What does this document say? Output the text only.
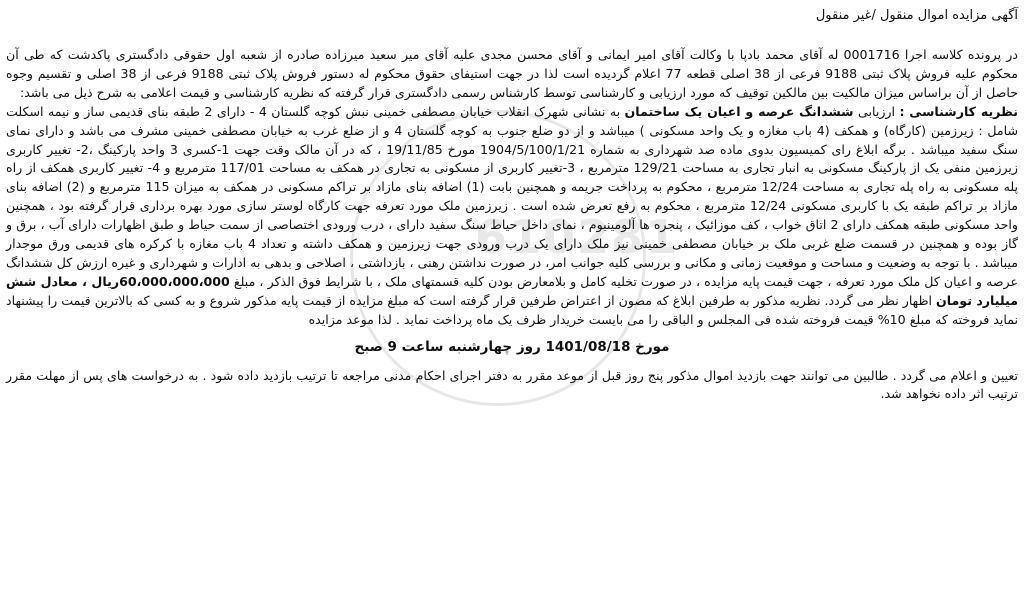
610281
آگهی مزایده اموال منقول /غیر منقول

در پرونده کلاسه اجرا 0001716 له آقای محمد بادپا با وکالت آقای امیر ایمانی و آقای محسن مجدی علیه آقای میر سعید میرزاده صادره از شعبه اول حقوقی دادگستری پاکدشت که طی آن محکوم علیه فروش پلاک ثبتی 9188 فرعی از 38 اصلی قطعه 77 اعلام گردیده است لذا در جهت استیفای حقوق محکوم له دستور فروش پلاک ثبتی 9188 فرعی از 38 اصلی و تقسیم وجوه حاصل از آن براساس میزان مالکیت بین مالکین توقیف که مورد ارزیابی و کارشناسی توسط کارشناس رسمی دادگستری قرار گرفته که نظریه کارشناسی و قیمت اعلامی به شرح ذیل می باشد:

نظریه کارشناسی : ارزیابی ششدانگ عرصه و اعیان یک ساختمان به نشانی شهرک انقلاب خیابان مصطفی خمینی نبش کوچه گلستان 4 - دارای 2 طبقه بنای قدیمی ساز و نیمه اسکلت شامل : زیرزمین (کارگاه) و همکف (4 باب مغازه و یک واحد مسکونی ) میباشد و از دو ضلع جنوب به کوچه گلستان 4 و از ضلع غرب به خیابان مصطفی خمینی مشرف می باشد و دارای نمای سنگ سفید میباشد . برگه ابلاغ رای کمیسیون بدوی ماده صد شهرداری به شماره 1904/5/100/1/21 مورخ 19/11/85 ، که در آن مالک وقت جهت 1-کسری 3 واحد پارکینگ ،2- تغییر کاربری زیرزمین منفی یک از پارکینگ مسکونی به انبار تجاری به مساحت 129/21 مترمربع ، 3-تغییر کاربری از مسکونی به تجاری در همکف به مساحت 117/01 مترمربع و 4- تغییر کاربری همکف از راه پله مسکونی به راه پله تجاری به مساحت 12/24 مترمربع ، محکوم به پرداخت جریمه و همچنین بابت (1) اضافه بنای مازاد بر تراکم مسکونی در همکف به میزان 115 مترمربع و (2) اضافه بنای مازاد بر تراکم طبقه یک با کاربری مسکونی 12/24 مترمربع ، محکوم به رفع تعرض شده است . زیرزمین ملک مورد تعرفه جهت کارگاه لوستر سازی مورد بهره برداری قرار گرفته بود ، همچنین واحد مسکونی طبقه همکف دارای 2 اتاق خواب ، کف موزائیک ، پنجره ها آلومینیوم ، نمای داخل حیاط سنگ سفید دارای ، درب ورودی اختصاصی از سمت حیاط و طبق اظهارات دارای آب ، برق و گاز بوده و همچنین در قسمت ضلع غربی ملک بر خیابان مصطفی خمینی نیز ملک دارای یک درب ورودی جهت زیرزمین و همکف داشته و تعداد 4 باب مغازه با کرکره های قدیمی ورق موجدار میباشد . با توجه به وضعیت و مساحت و موقعیت زمانی و مکانی و بررسی کلیه جوانب امر، در صورت نداشتن رهنی ، بازداشتی ، اصلاحی و بدهی به ادارات و شهرداری و غیره ارزش کل ششدانگ عرصه و اعیان کل ملک مورد تعرفه ، جهت قیمت پایه مزایده ، در صورت تخلیه کامل و بلامعارض بودن کلیه قسمتهای ملک ، با شرایط فوق الذکر ، مبلغ 60،000،000،000ریال ، معادل شش میلیارد تومان اظهار نظر می گردد. نظریه مذکور به طرفین ابلاغ که مصون از اعتراض طرفین قرار گرفته است که مبلغ مزایده از قیمت پایه مذکور شروع و به کسی که بالاترین قیمت را پیشنهاد نماید فروخته که مبلغ 10% قیمت فروخته شده فی المجلس و الباقی را می بایست خریدار ظرف یک ماه پرداخت نماید . لذا موعد مزایده

مورخ 1401/08/18 روز چهارشنبه ساعت 9 صبح

تعیین و اعلام می گردد . طالبین می توانند جهت بازدید اموال مذکور پنج روز قبل از موعد مقرر به دفتر اجرای احکام مدنی مراجعه تا ترتیب بازدید داده شود . به درخواست های پس از مهلت مقرر ترتیب اثر داده نخواهد شد.
